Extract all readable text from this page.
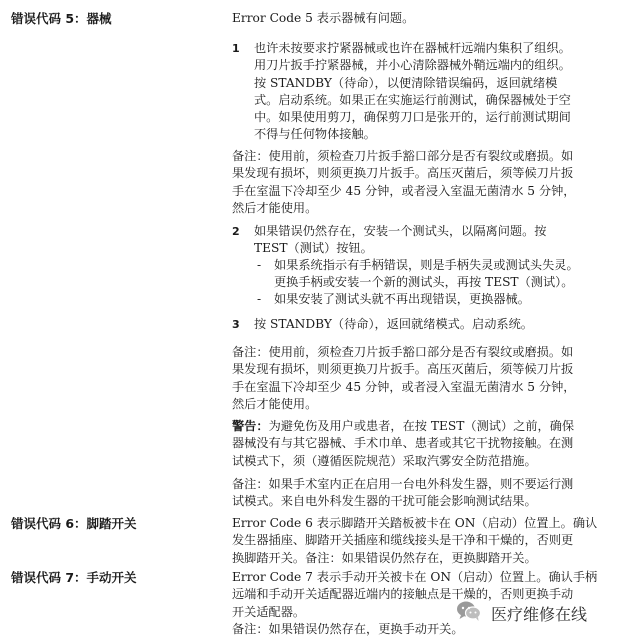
错误代码 5：器械	Error Code 5 表示器械有问题。
1 也许未按要求拧紧器械或也许在器械杆远端内集积了组织。
用刀片扳手拧紧器械，并小心清除器械外鞘远端内的组织。
按 STANDBY（待命），以便清除错误编码，返回就绪模
式。启动系统。如果正在实施运行前测试，确保器械处于空
中。如果使用剪刀，确保剪刀口是张开的，运行前测试期间
不得与任何物体接触。
备注：使用前，须检查刀片扳手豁口部分是否有裂纹或磨损。如
果发现有损坏，则须更换刀片扳手。高压灭菌后，须等候刀片扳
手在室温下冷却至少 45 分钟，或者浸入室温无菌清水 5 分钟，
然后才能使用。
2 如果错误仍然存在，安装一个测试头，以隔离问题。按
TEST（测试）按钮。
- 如果系统指示有手柄错误，则是手柄失灵或测试头失灵。
更换手柄或安装一个新的测试头，再按 TEST（测试）。
- 如果安装了测试头就不再出现错误，更换器械。
3 按 STANDBY（待命），返回就绪模式。启动系统。
备注：使用前，须检查刀片扳手豁口部分是否有裂纹或磨损。如
果发现有损坏，则须更换刀片扳手。高压灭菌后，须等候刀片扳
手在室温下冷却至少 45 分钟，或者浸入室温无菌清水 5 分钟，
然后才能使用。
警告：为避免伤及用户或患者，在按 TEST（测试）之前，确保
器械没有与其它器械、手术巾单、患者或其它干扰物接触。在测
试模式下，须（遵循医院规范）采取汽雾安全防范措施。
备注：如果手术室内正在启用一台电外科发生器，则不要运行测
试模式。来自电外科发生器的干扰可能会影响测试结果。
错误代码 6：脚踏开关	Error Code 6 表示脚踏开关踏板被卡在 ON（启动）位置上。确认
发生器插座、脚踏开关插座和缆线接头是干净和干燥的，否则更
换脚踏开关。备注：如果错误仍然存在，更换脚踏开关。
错误代码 7：手动开关	Error Code 7 表示手动开关被卡在 ON（启动）位置上。确认手柄
远端和手动开关适配器近端内的接触点是干燥的，否则更换手动
开关适配器。
备注：如果错误仍然存在，更换手动开关。
医疗维修在线
